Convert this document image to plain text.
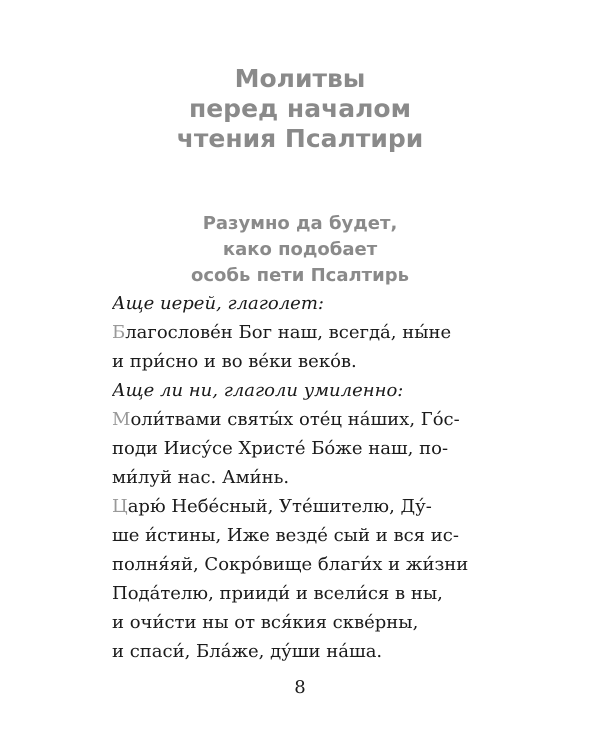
Молитвы
перед началом
чтения Псалтири
Разумно да будет,
како подобает
особь пети Псалтирь
Аще иерей, глаголет:
Благослове́н Бог наш, всегда́, ны́не
и при́сно и во ве́ки веко́в.
Аще ли ни, глаголи умиленно:
Моли́твами святы́х оте́ц на́ших, Го́с-
поди Иису́се Христе́ Бо́же наш, по-
ми́луй нас. Ами́нь.
Царю́ Небе́сный, Уте́шителю, Ду́-
ше и́стины, Иже везде́ сый и вся ис-
полня́яй, Сокро́вище благи́х и жи́зни
Пода́телю, прииди́ и всели́ся в ны,
и очи́сти ны от вся́кия скве́рны,
и спаси́, Бла́же, ду́ши на́ша.
8
